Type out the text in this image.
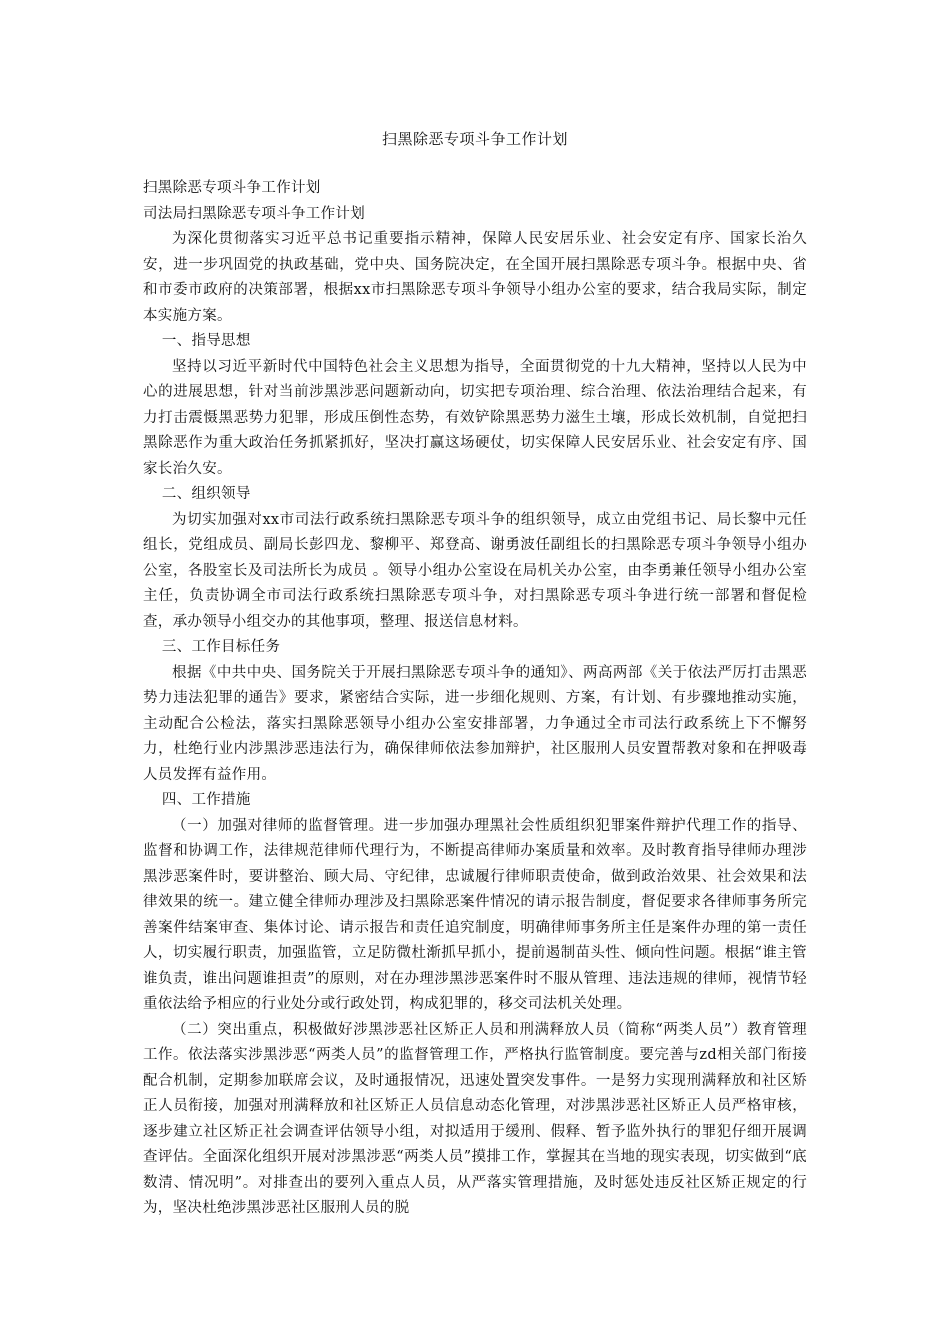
扫黑除恶专项斗争工作计划

扫黑除恶专项斗争工作计划

司法局扫黑除恶专项斗争工作计划

为深化贯彻落实习近平总书记重要指示精神，保障人民安居乐业、社会安定有序、国家长治久安，进一步巩固党的执政基础，党中央、国务院决定，在全国开展扫黑除恶专项斗争。根据中央、省和市委市政府的决策部署，根据xx市扫黑除恶专项斗争领导小组办公室的要求，结合我局实际，制定本实施方案。

一、指导思想

坚持以习近平新时代中国特色社会主义思想为指导，全面贯彻党的十九大精神，坚持以人民为中心的进展思想，针对当前涉黑涉恶问题新动向，切实把专项治理、综合治理、依法治理结合起来，有力打击震慑黑恶势力犯罪，形成压倒性态势，有效铲除黑恶势力滋生土壤，形成长效机制，自觉把扫黑除恶作为重大政治任务抓紧抓好，坚决打赢这场硬仗，切实保障人民安居乐业、社会安定有序、国家长治久安。

二、组织领导

为切实加强对xx市司法行政系统扫黑除恶专项斗争的组织领导，成立由党组书记、局长黎中元任组长，党组成员、副局长彭四龙、黎柳平、郑登高、谢勇波任副组长的扫黑除恶专项斗争领导小组办公室，各股室长及司法所长为成员 。领导小组办公室设在局机关办公室，由李勇兼任领导小组办公室主任，负责协调全市司法行政系统扫黑除恶专项斗争，对扫黑除恶专项斗争进行统一部署和督促检查，承办领导小组交办的其他事项，整理、报送信息材料。

三、工作目标任务

根据《中共中央、国务院关于开展扫黑除恶专项斗争的通知》、两高两部《关于依法严厉打击黑恶势力违法犯罪的通告》要求，紧密结合实际，进一步细化规则、方案，有计划、有步骤地推动实施，主动配合公检法，落实扫黑除恶领导小组办公室安排部署，力争通过全市司法行政系统上下不懈努力，杜绝行业内涉黑涉恶违法行为，确保律师依法参加辩护，社区服刑人员安置帮教对象和在押吸毒人员发挥有益作用。

四、工作措施

（一）加强对律师的监督管理。进一步加强办理黑社会性质组织犯罪案件辩护代理工作的指导、监督和协调工作，法律规范律师代理行为，不断提高律师办案质量和效率。及时教育指导律师办理涉黑涉恶案件时，要讲整治、顾大局、守纪律，忠诚履行律师职责使命，做到政治效果、社会效果和法律效果的统一。建立健全律师办理涉及扫黑除恶案件情况的请示报告制度，督促要求各律师事务所完善案件结案审查、集体讨论、请示报告和责任追究制度，明确律师事务所主任是案件办理的第一责任人，切实履行职责，加强监管，立足防微杜渐抓早抓小，提前遏制苗头性、倾向性问题。根据“谁主管谁负责，谁出问题谁担责”的原则，对在办理涉黑涉恶案件时不服从管理、违法违规的律师，视情节轻重依法给予相应的行业处分或行政处罚，构成犯罪的，移交司法机关处理。

（二）突出重点，积极做好涉黑涉恶社区矫正人员和刑满释放人员（简称“两类人员”）教育管理工作。依法落实涉黑涉恶“两类人员”的监督管理工作，严格执行监管制度。要完善与zd相关部门衔接配合机制，定期参加联席会议，及时通报情况，迅速处置突发事件。一是努力实现刑满释放和社区矫正人员衔接，加强对刑满释放和社区矫正人员信息动态化管理，对涉黑涉恶社区矫正人员严格审核，逐步建立社区矫正社会调查评估领导小组，对拟适用于缓刑、假释、暂予监外执行的罪犯仔细开展调查评估。全面深化组织开展对涉黑涉恶“两类人员”摸排工作，掌握其在当地的现实表现，切实做到“底数清、情况明”。对排查出的要列入重点人员，从严落实管理措施，及时惩处违反社区矫正规定的行为，坚决杜绝涉黑涉恶社区服刑人员的脱
